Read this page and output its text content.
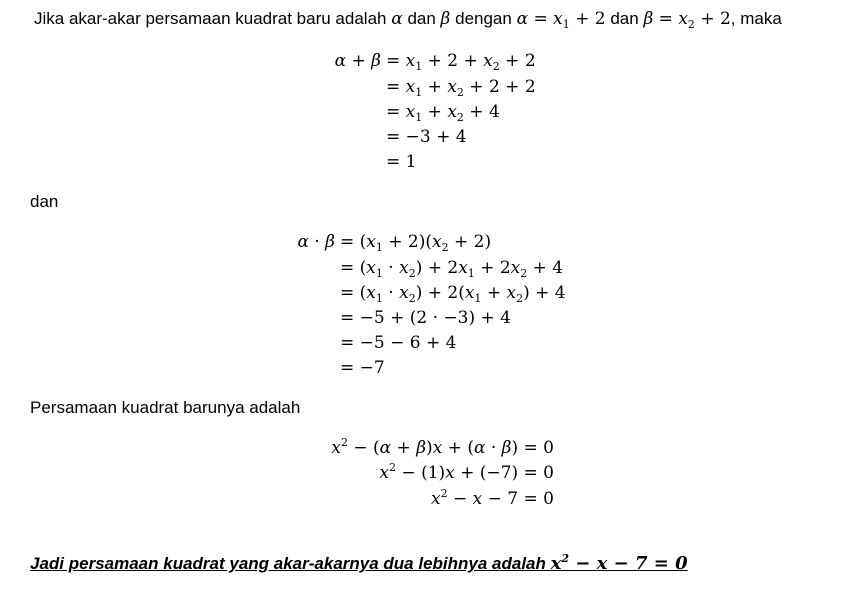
Jika akar-akar persamaan kuadrat baru adalah α dan β dengan $\alpha = x_1 + 2$ dan $\beta = x_2 + 2$, maka
$\alpha + \beta = x_1 + 2 + x_2 + 2$
= $x_1 + x_2 + 2 + 2$
= $x_1 + x_2 + 4$
= −3 + 4
= 1
dan
$\alpha \cdot \beta = (x_1 + 2)(x_2 + 2)$
= $(x_1 \cdot x_2) + 2x_1 + 2x_2 + 4$
= $(x_1 \cdot x_2) + 2(x_1 + x_2) + 4$
= −5 + (2 · −3) + 4
= −5 − 6 + 4
= −7
Persamaan kuadrat barunya adalah
$x^2 - (\alpha + \beta)x + (\alpha \cdot \beta) = 0$
$x^2 - (1)x + (-7) = 0$
$x^2 - x - 7 = 0$
Jadi persamaan kuadrat yang akar-akarnya dua lebihnya adalah $x^2 - x - 7 = 0$
